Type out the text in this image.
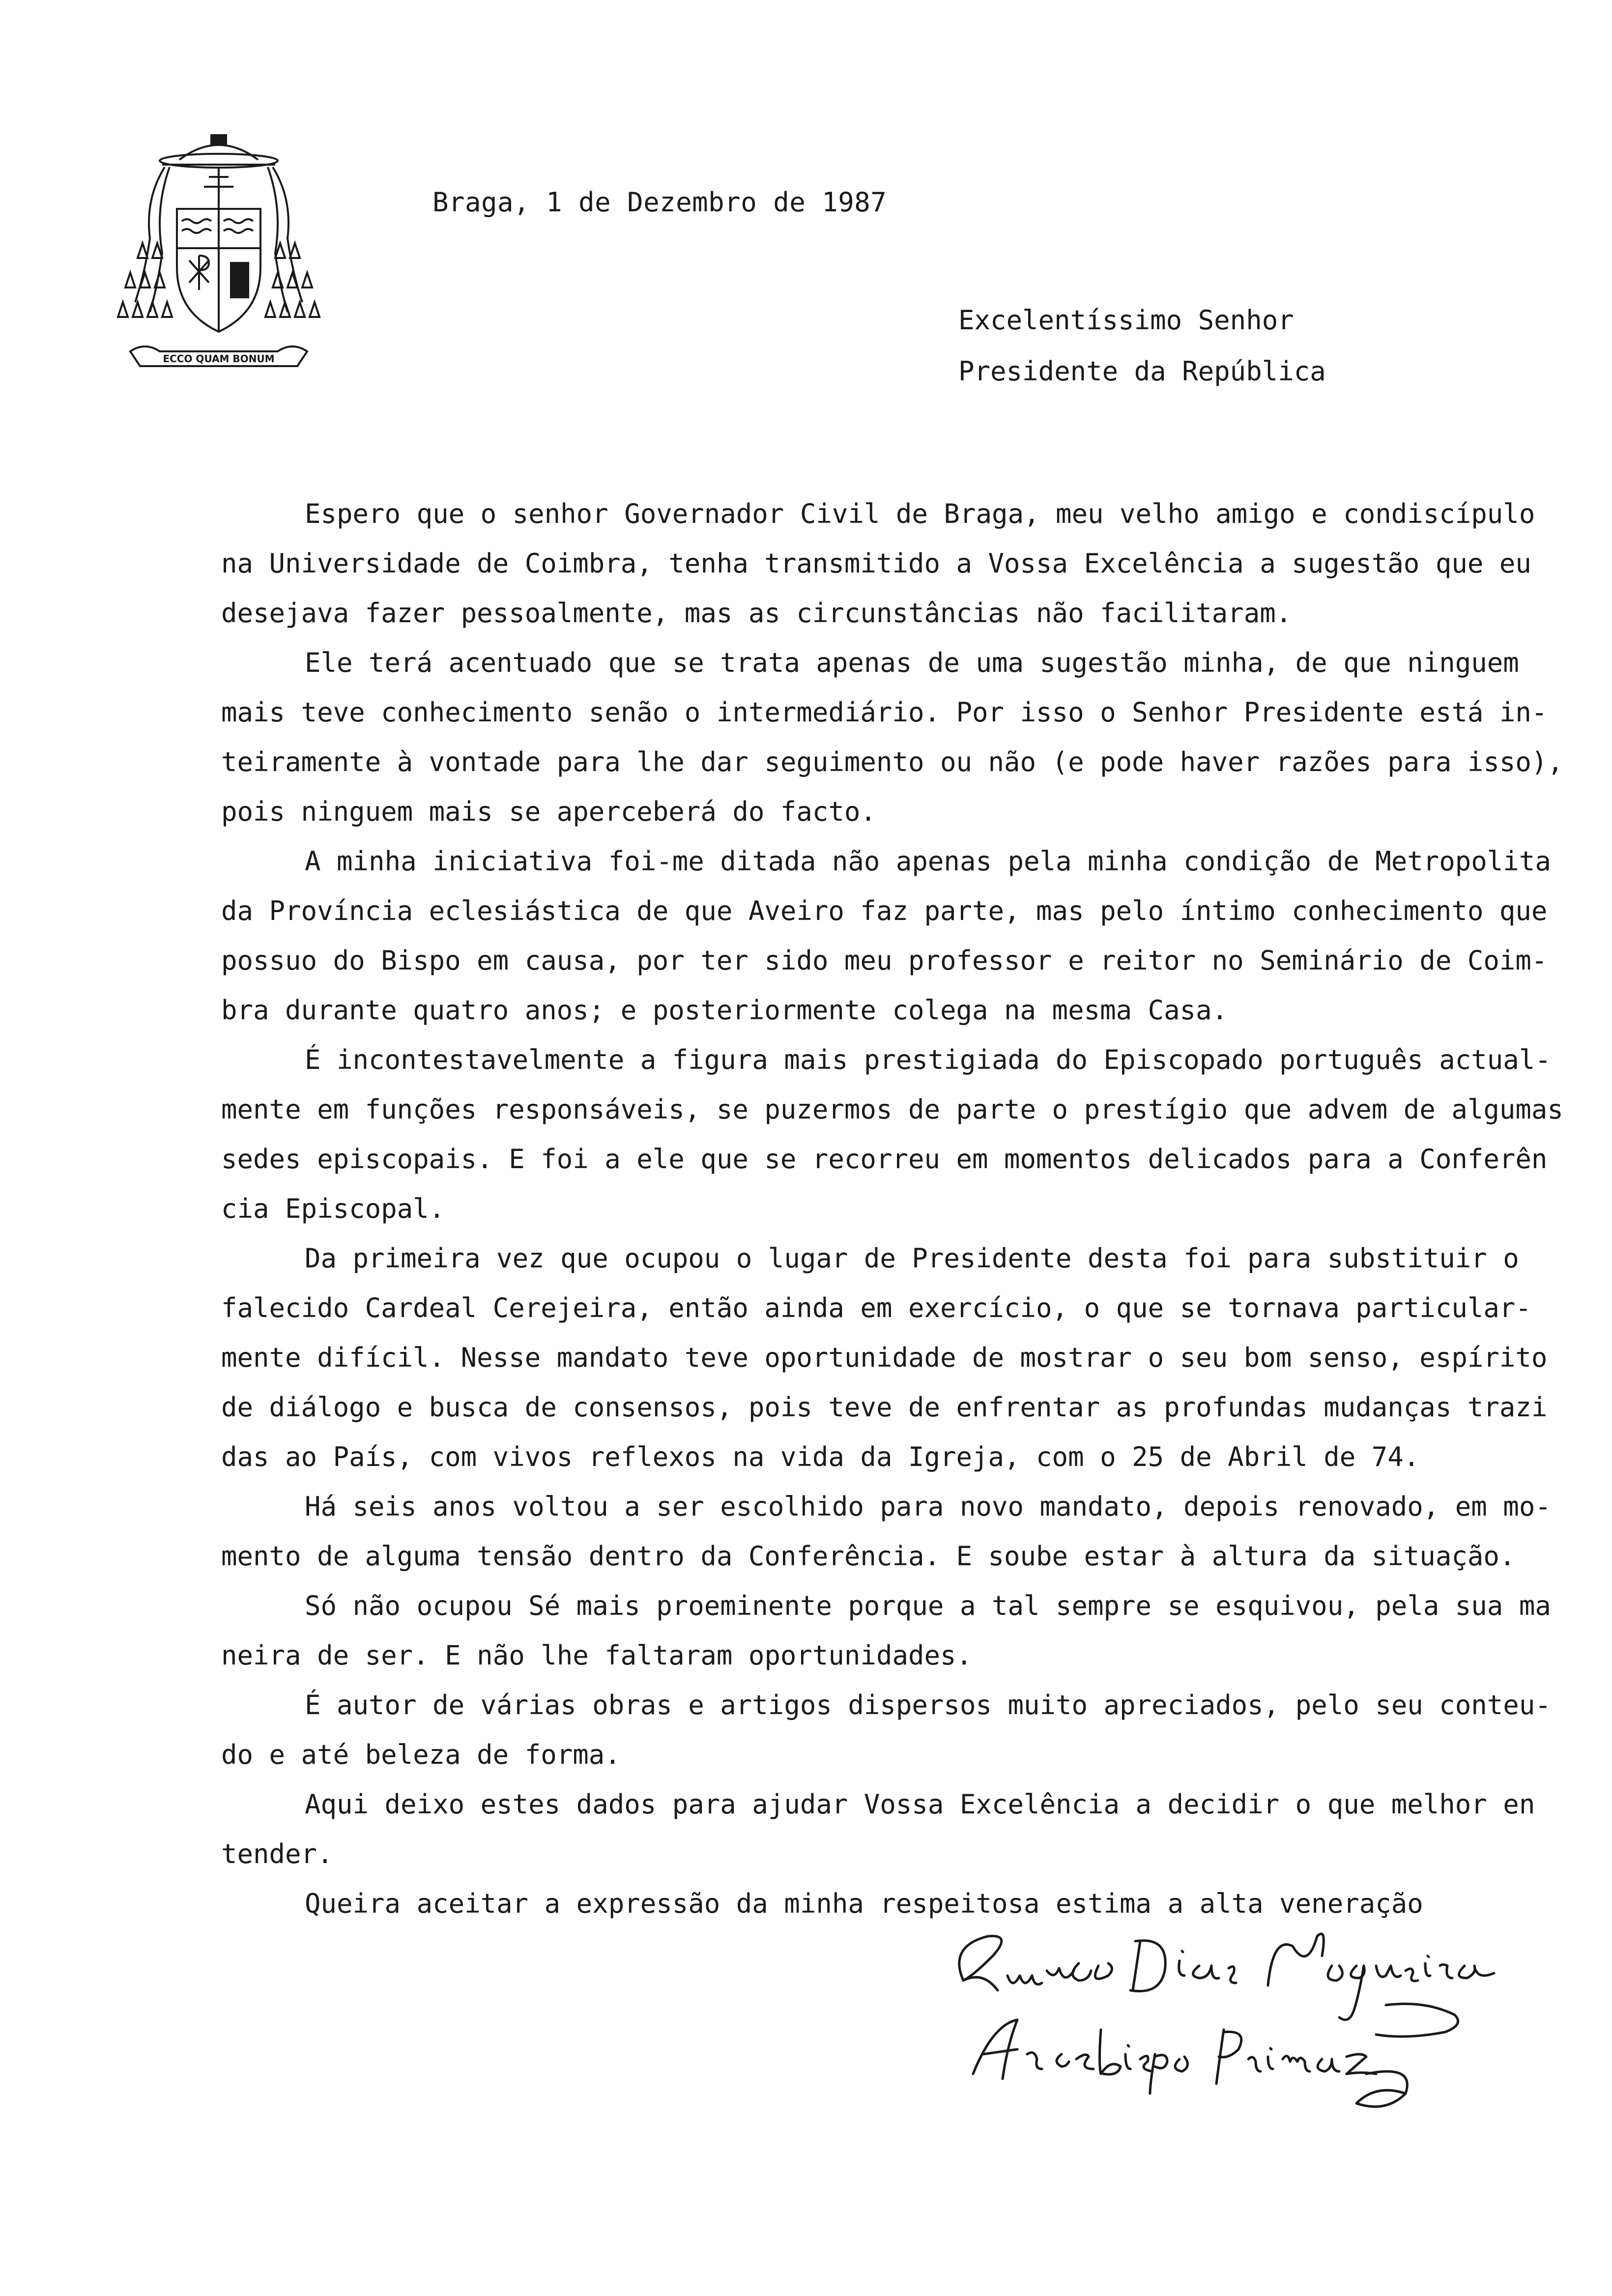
ECCO QUAM BONUM
Braga, 1 de Dezembro de 1987
Excelentíssimo Senhor
Presidente da República
Espero que o senhor Governador Civil de Braga, meu velho amigo e condiscípulo
na Universidade de Coimbra, tenha transmitido a Vossa Excelência a sugestão que eu
desejava fazer pessoalmente, mas as circunstâncias não facilitaram.
Ele terá acentuado que se trata apenas de uma sugestão minha, de que ninguem
mais teve conhecimento senão o intermediário. Por isso o Senhor Presidente está in-
teiramente à vontade para lhe dar seguimento ou não (e pode haver razões para isso),
pois ninguem mais se aperceberá do facto.
A minha iniciativa foi-me ditada não apenas pela minha condição de Metropolita
da Província eclesiástica de que Aveiro faz parte, mas pelo íntimo conhecimento que
possuo do Bispo em causa, por ter sido meu professor e reitor no Seminário de Coim-
bra durante quatro anos; e posteriormente colega na mesma Casa.
É incontestavelmente a figura mais prestigiada do Episcopado português actual-
mente em funções responsáveis, se puzermos de parte o prestígio que advem de algumas
sedes episcopais. E foi a ele que se recorreu em momentos delicados para a Conferên
cia Episcopal.
Da primeira vez que ocupou o lugar de Presidente desta foi para substituir o
falecido Cardeal Cerejeira, então ainda em exercício, o que se tornava particular-
mente difícil. Nesse mandato teve oportunidade de mostrar o seu bom senso, espírito
de diálogo e busca de consensos, pois teve de enfrentar as profundas mudanças trazi
das ao País, com vivos reflexos na vida da Igreja, com o 25 de Abril de 74.
Há seis anos voltou a ser escolhido para novo mandato, depois renovado, em mo-
mento de alguma tensão dentro da Conferência. E soube estar à altura da situação.
Só não ocupou Sé mais proeminente porque a tal sempre se esquivou, pela sua ma
neira de ser. E não lhe faltaram oportunidades.
É autor de várias obras e artigos dispersos muito apreciados, pelo seu conteu-
do e até beleza de forma.
Aqui deixo estes dados para ajudar Vossa Excelência a decidir o que melhor en
tender.
Queira aceitar a expressão da minha respeitosa estima a alta veneração
